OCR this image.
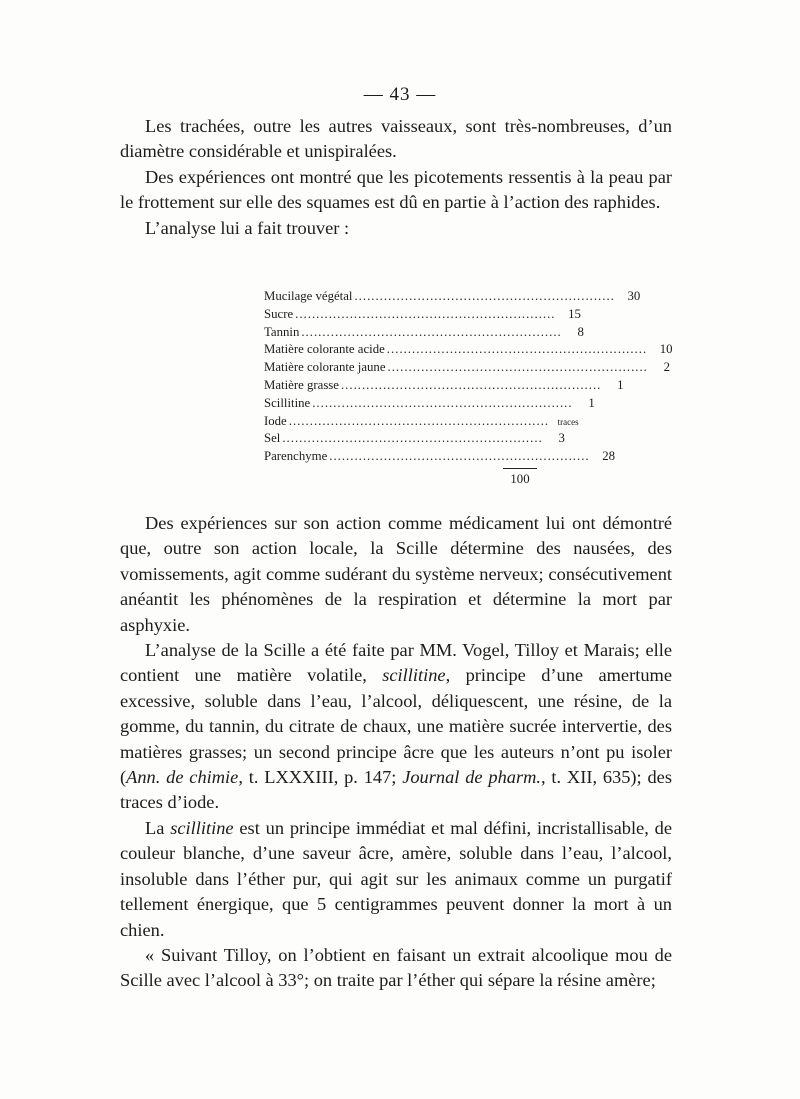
— 43 —

Les trachées, outre les autres vaisseaux, sont très-nombreuses, d’un diamètre considérable et unispiralées.

Des expériences ont montré que les picotements ressentis à la peau par le frottement sur elle des squames est dû en partie à l’action des raphides.

L’analyse lui a fait trouver :

Mucilage végétal .............................................................. 30
Sucre .............................................................. 15
Tannin ..............................................................	8
Matière colorante acide .............................................................. 10
Matière colorante jaune ..............................................................	2
Matière grasse ..............................................................	1
Scillitine ..............................................................	1
Iode .............................................................. traces
Sel ..............................................................	3
Parenchyme .............................................................. 28
100

Des expériences sur son action comme médicament lui ont démontré que, outre son action locale, la Scille détermine des nausées, des vomissements, agit comme sudérant du système nerveux; consécutivement anéantit les phénomènes de la respiration et détermine la mort par asphyxie.

L’analyse de la Scille a été faite par MM. Vogel, Tilloy et Marais; elle contient une matière volatile, scillitine, principe d’une amertume excessive, soluble dans l’eau, l’alcool, déliquescent, une résine, de la gomme, du tannin, du citrate de chaux, une matière sucrée intervertie, des matières grasses; un second principe âcre que les auteurs n’ont pu isoler (Ann. de chimie, t. LXXXIII, p. 147; Journal de pharm., t. XII, 635); des traces d’iode.

La scillitine est un principe immédiat et mal défini, incristallisable, de couleur blanche, d’une saveur âcre, amère, soluble dans l’eau, l’alcool, insoluble dans l’éther pur, qui agit sur les animaux comme un purgatif tellement énergique, que 5 centigrammes peuvent donner la mort à un chien.

« Suivant Tilloy, on l’obtient en faisant un extrait alcoolique mou de Scille avec l’alcool à 33°; on traite par l’éther qui sépare la résine amère;
